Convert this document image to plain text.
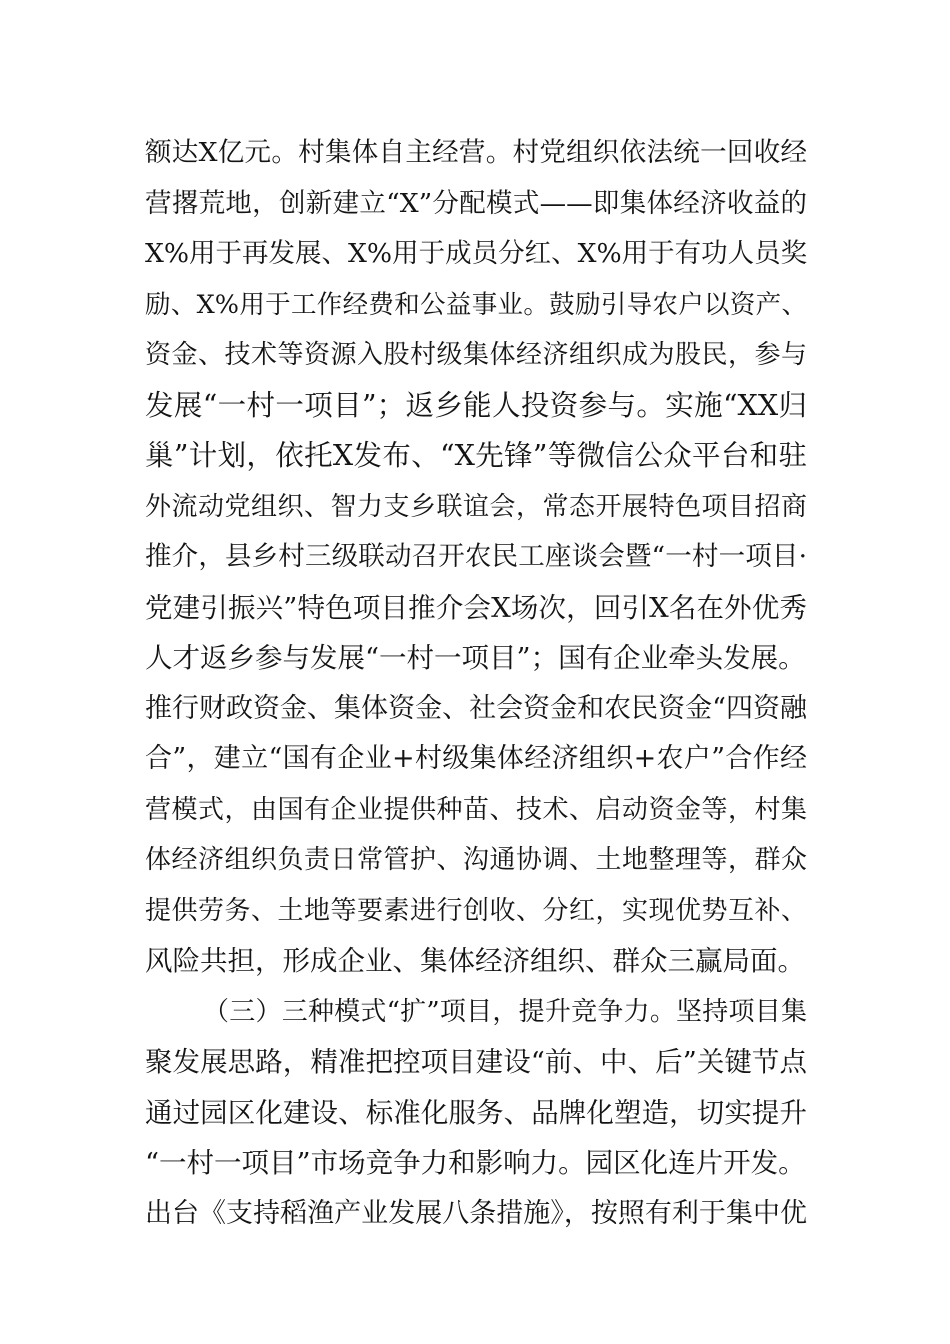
额达X亿元。村集体自主经营。村党组织依法统一回收经
营撂荒地，创新建立“X”分配模式——即集体经济收益的
X%用于再发展、X%用于成员分红、X%用于有功人员奖
励、X%用于工作经费和公益事业。鼓励引导农户以资产、
资金、技术等资源入股村级集体经济组织成为股民，参与
发展“一村一项目”；返乡能人投资参与。实施“XX归
巢”计划，依托X发布、“X先锋”等微信公众平台和驻
外流动党组织、智力支乡联谊会，常态开展特色项目招商
推介，县乡村三级联动召开农民工座谈会暨“一村一项目·
党建引振兴”特色项目推介会X场次，回引X名在外优秀
人才返乡参与发展“一村一项目”；国有企业牵头发展。
推行财政资金、集体资金、社会资金和农民资金“四资融
合”，建立“国有企业+村级集体经济组织+农户”合作经
营模式，由国有企业提供种苗、技术、启动资金等，村集
体经济组织负责日常管护、沟通协调、土地整理等，群众
提供劳务、土地等要素进行创收、分红，实现优势互补、
风险共担，形成企业、集体经济组织、群众三赢局面。
（三）三种模式“扩”项目，提升竞争力。坚持项目集
聚发展思路，精准把控项目建设“前、中、后”关键节点
通过园区化建设、标准化服务、品牌化塑造，切实提升
“一村一项目”市场竞争力和影响力。园区化连片开发。
出台《支持稻渔产业发展八条措施》，按照有利于集中优
